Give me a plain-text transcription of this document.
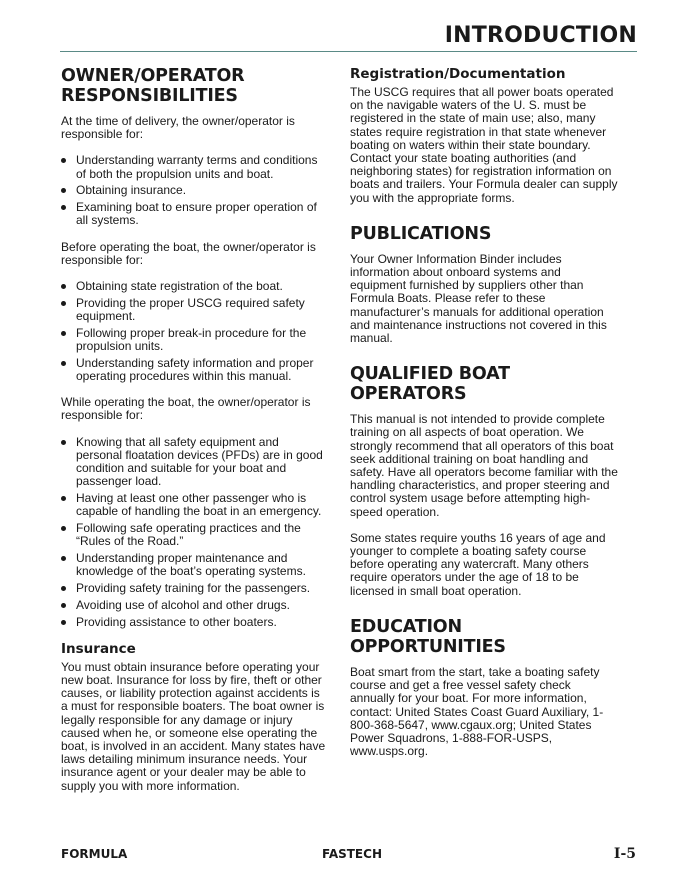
INTRODUCTION
OWNER/OPERATOR RESPONSIBILITIES

At the time of delivery, the owner/operator is responsible for:

Understanding warranty terms and conditions of both the propulsion units and boat.
Obtaining insurance.
Examining boat to ensure proper operation of all systems.

Before operating the boat, the owner/operator is responsible for:

Obtaining state registration of the boat.
Providing the proper USCG required safety equipment.
Following proper break-in procedure for the propulsion units.
Understanding safety information and proper operating procedures within this manual.

While operating the boat, the owner/operator is responsible for:

Knowing that all safety equipment and personal floatation devices (PFDs) are in good condition and suitable for your boat and passenger load.
Having at least one other passenger who is capable of handling the boat in an emergency.
Following safe operating practices and the “Rules of the Road.”
Understanding proper maintenance and knowledge of the boat’s operating systems.
Providing safety training for the passengers.
Avoiding use of alcohol and other drugs.
Providing assistance to other boaters.
Insurance

You must obtain insurance before operating your new boat. Insurance for loss by fire, theft or other causes, or liability protection against accidents is a must for responsible boaters. The boat owner is legally responsible for any damage or injury caused when he, or someone else operating the boat, is involved in an accident. Many states have laws detailing minimum insurance needs. Your insurance agent or your dealer may be able to supply you with more information.

Registration/Documentation

The USCG requires that all power boats operated on the navigable waters of the U. S. must be registered in the state of main use; also, many states require registration in that state whenever boating on waters within their state boundary. Contact your state boating authorities (and neighboring states) for registration information on boats and trailers. Your Formula dealer can supply you with the appropriate forms.

PUBLICATIONS

Your Owner Information Binder includes information about onboard systems and equipment furnished by suppliers other than Formula Boats. Please refer to these manufacturer’s manuals for additional operation and maintenance instructions not covered in this manual.

QUALIFIED BOAT OPERATORS

This manual is not intended to provide complete training on all aspects of boat operation. We strongly recommend that all operators of this boat seek additional training on boat handling and safety. Have all operators become familiar with the handling characteristics, and proper steering and control system usage before attempting high-speed operation.

Some states require youths 16 years of age and younger to complete a boating safety course before operating any watercraft. Many others require operators under the age of 18 to be licensed in small boat operation.

EDUCATION OPPORTUNITIES

Boat smart from the start, take a boating safety course and get a free vessel safety check annually for your boat. For more information, contact: United States Coast Guard Auxiliary, 1-800-368-5647, www.cgaux.org; United States Power Squadrons, 1-888-FOR-USPS, www.usps.org.

FORMULA	FASTECH	I-5
